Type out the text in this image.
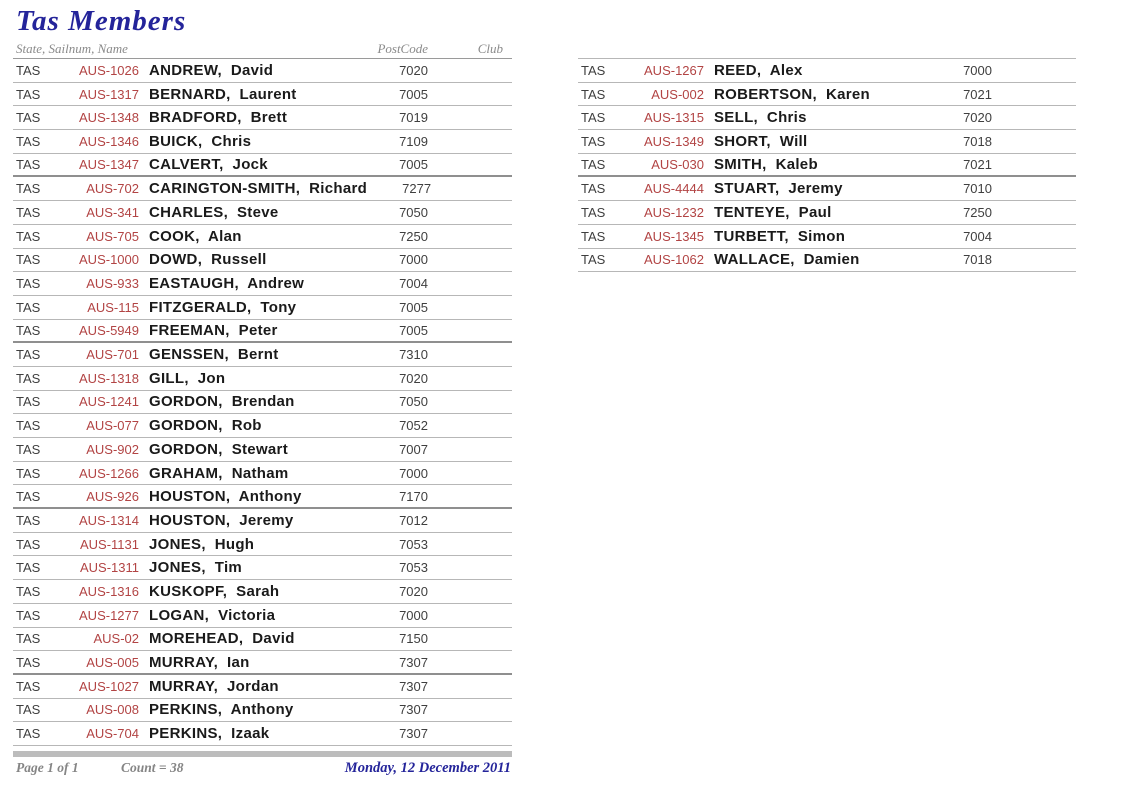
Tas Members
State, Sailnum, Name	PostCode	Club
TAS	AUS-1026 ANDREW,  David	7020
TAS	AUS-1317 BERNARD,  Laurent	7005
TAS	AUS-1348 BRADFORD,  Brett	7019
TAS	AUS-1346 BUICK,  Chris	7109
TAS	AUS-1347 CALVERT,  Jock	7005
TAS	AUS-702 CARINGTON-SMITH,  Richard	7277
TAS	AUS-341 CHARLES,  Steve	7050
TAS	AUS-705 COOK,  Alan	7250
TAS	AUS-1000 DOWD,  Russell	7000
TAS	AUS-933 EASTAUGH,  Andrew	7004
TAS	AUS-115 FITZGERALD,  Tony	7005
TAS	AUS-5949 FREEMAN,  Peter	7005
TAS	AUS-701 GENSSEN,  Bernt	7310
TAS	AUS-1318 GILL,  Jon	7020
TAS	AUS-1241 GORDON,  Brendan	7050
TAS	AUS-077 GORDON,  Rob	7052
TAS	AUS-902 GORDON,  Stewart	7007
TAS	AUS-1266 GRAHAM,  Natham	7000
TAS	AUS-926 HOUSTON,  Anthony	7170
TAS	AUS-1314 HOUSTON,  Jeremy	7012
TAS	AUS-1131 JONES,  Hugh	7053
TAS	AUS-1311 JONES,  Tim	7053
TAS	AUS-1316 KUSKOPF,  Sarah	7020
TAS	AUS-1277 LOGAN,  Victoria	7000
TAS	AUS-02 MOREHEAD,  David	7150
TAS	AUS-005 MURRAY,  Ian	7307
TAS	AUS-1027 MURRAY,  Jordan	7307
TAS	AUS-008 PERKINS,  Anthony	7307
TAS	AUS-704 PERKINS,  Izaak	7307
TAS	AUS-1267 REED,  Alex	7000
TAS	AUS-002 ROBERTSON,  Karen	7021
TAS	AUS-1315 SELL,  Chris	7020
TAS	AUS-1349 SHORT,  Will	7018
TAS	AUS-030 SMITH,  Kaleb	7021
TAS	AUS-4444 STUART,  Jeremy	7010
TAS	AUS-1232 TENTEYE,  Paul	7250
TAS	AUS-1345 TURBETT,  Simon	7004
TAS	AUS-1062 WALLACE,  Damien	7018
Page 1 of 1	Count = 38	Monday, 12 December 2011
